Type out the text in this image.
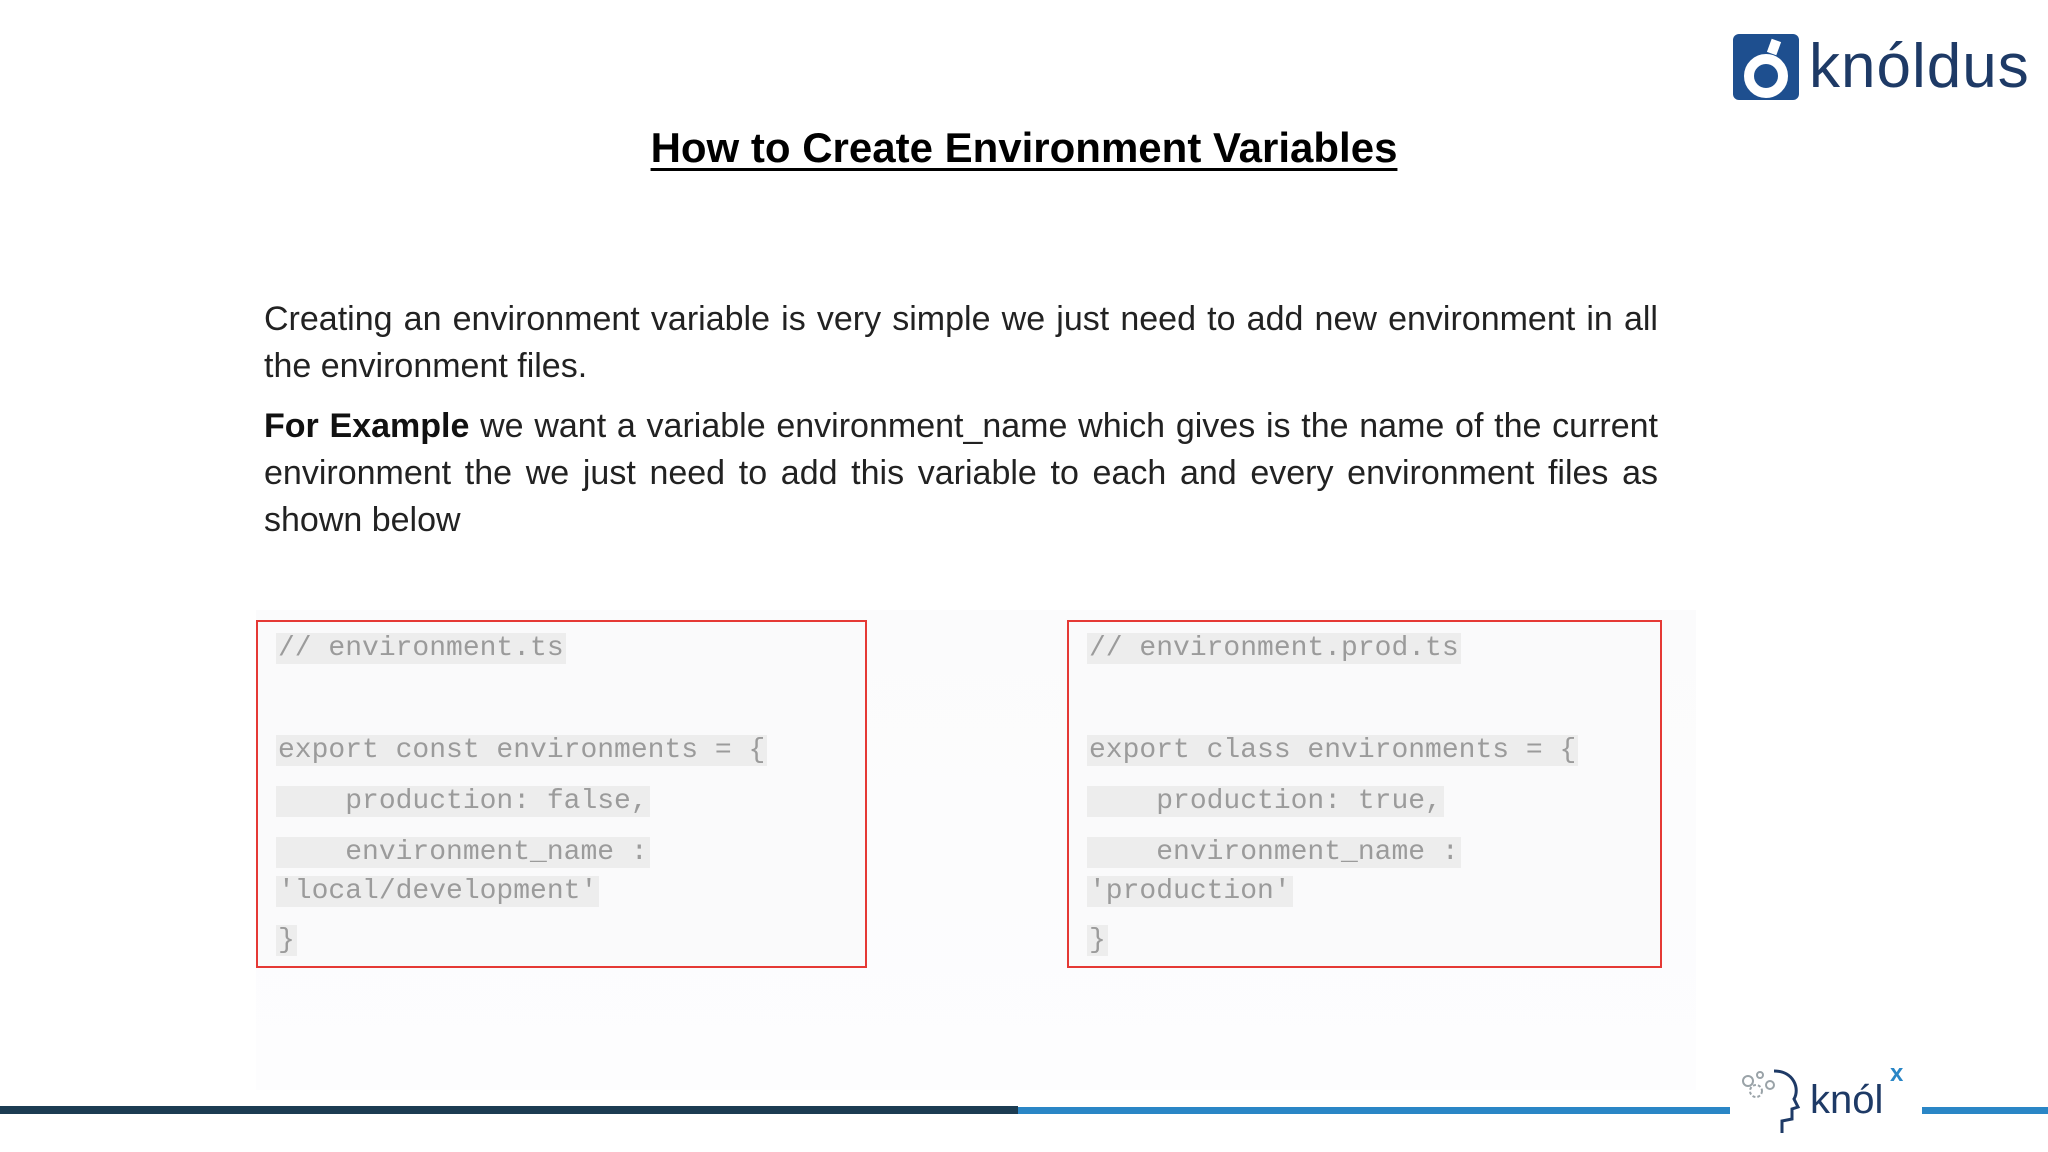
knóldus
How to Create Environment Variables

Creating an environment variable is very simple we just need to add new environment in all the environment files.

For Example we want a variable environment_name which gives is the name of the current environment the we just need to add this variable to each and every environment files as shown below

// environment.ts
export const environments = {
production: false,
environment_name :
'local/development'
}
// environment.prod.ts
export class environments = {
production: true,
environment_name :
'production'
}
knól
x
